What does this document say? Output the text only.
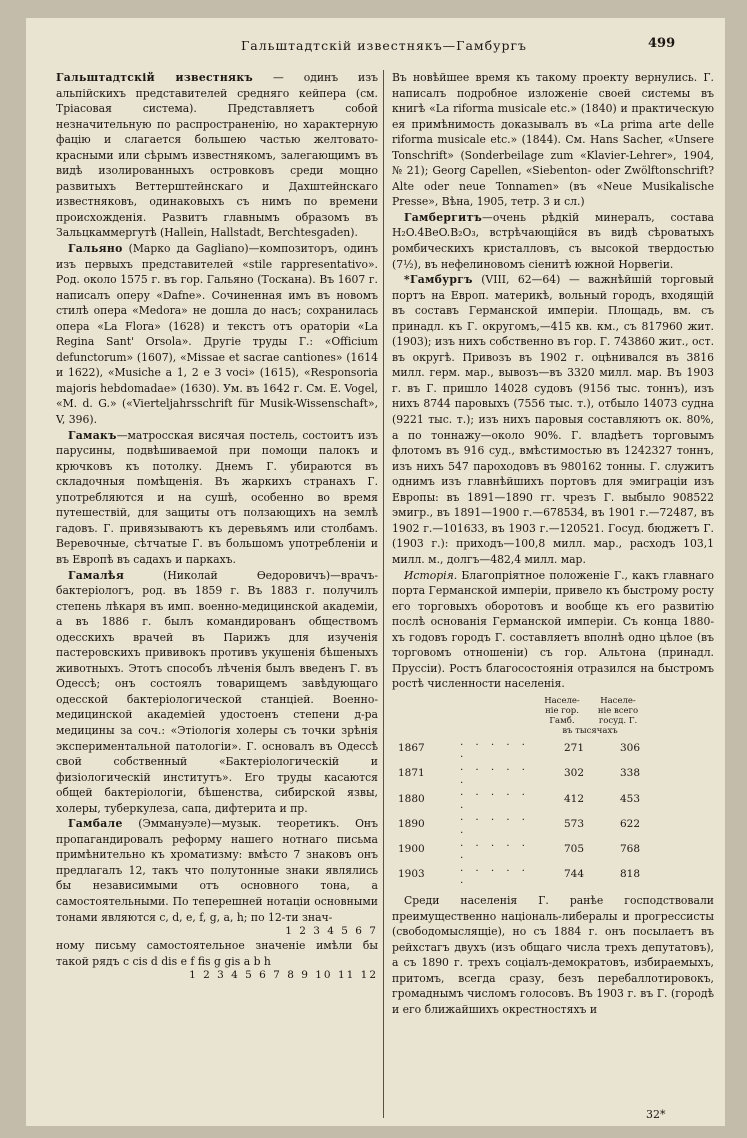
Гальштадтскій известнякъ—Гамбургъ	499

Гальштадтскій известнякъ — одинъ изъ альпійскихъ представителей средняго кейпера (см. Тріасовая система). Представляетъ собой незначительную по распространенію, но характерную фацію и слагается большею частью желтовато-красными или сѣрымъ известнякомъ, залегающимъ въ видѣ изолированныхъ островковъ среди мощно развитыхъ Веттерштейнскаго и Дахштейнскаго известняковъ, одинаковыхъ съ нимъ по времени происхожденія. Развитъ главнымъ образомъ въ Зальцкаммергутѣ (Hallein, Hallstadt, Berchtesgaden).

Гальяно (Марко да Gagliano)—композиторъ, одинъ изъ первыхъ представителей «stile rappresentativo». Род. около 1575 г. въ гор. Гальяно (Тоскана). Въ 1607 г. написалъ оперу «Dafne». Сочиненная имъ въ новомъ стилѣ опера «Medora» не дошла до насъ; сохранилась опера «La Flora» (1628) и текстъ отъ ораторіи «La Regina Sant' Orsola». Другіе труды Г.: «Officium defunctorum» (1607), «Missae et sacrae cantiones» (1614 и 1622), «Musiche a 1, 2 e 3 voci» (1615), «Responsoria majoris hebdomadae» (1630). Ум. въ 1642 г. См. E. Vogel, «M. d. G.» («Vierteljahrsschrift für Musik-Wissenschaft», V, 396).

Гамакъ—матросская висячая постель, состоитъ изъ парусины, подвѣшиваемой при помощи палокъ и крючковъ къ потолку. Днемъ Г. убираются въ складочныя помѣщенія. Въ жаркихъ странахъ Г. употребляются и на сушѣ, особенно во время путешествій, для защиты отъ ползающихъ на землѣ гадовъ. Г. привязываютъ къ деревьямъ или столбамъ. Веревочные, сѣтчатые Г. въ большомъ употребленіи и въ Европѣ въ садахъ и паркахъ.

Гамалѣя (Николай Ѳедоровичъ)—врачъ-бактеріологъ, род. въ 1859 г. Въ 1883 г. получилъ степень лѣкаря въ имп. военно-медицинской академіи, а въ 1886 г. былъ командированъ обществомъ одесскихъ врачей въ Парижъ для изученія пастеровскихъ прививокъ противъ укушенія бѣшеныхъ животныхъ. Этотъ способъ лѣченія былъ введенъ Г. въ Одессѣ; онъ состоялъ товарищемъ завѣдующаго одесской бактеріологической станціей. Военно-медицинской академіей удостоенъ степени д-ра медицины за соч.: «Этіологія холеры съ точки зрѣнія экспериментальной патологіи». Г. основалъ въ Одессѣ свой собственный «Бактеріологическій и физіологическій институтъ». Его труды касаются общей бактеріологіи, бѣшенства, сибирской язвы, холеры, туберкулеза, сапа, дифтерита и пр.

Гамбале (Эммануэле)—музык. теоретикъ. Онъ пропагандировалъ реформу нашего нотнаго письма примѣнительно къ хроматизму: вмѣсто 7 знаковъ онъ предлагалъ 12, такъ что полутонные знаки являлись бы независимыми отъ основного тона, а самостоятельными. По теперешней нотаціи основными тонами являются c, d, e, f, g, a, h; по 12-ти знач-

1 2 3 4 5 6 7

ному письму самостоятельное значеніе имѣли бы такой рядъ c cis d dis e f fis g gis a b h

1 2 3 4 5 6 7 8 9 10 11 12

Въ новѣйшее время къ такому проекту вернулись. Г. написалъ подробное изложеніе своей системы въ книгѣ «La riforma musicale etc.» (1840) и практическую ея примѣнимость доказывалъ въ «La prima arte delle riforma musicale etc.» (1844). См. Hans Sacher, «Unsere Tonschrift» (Sonderbeilage zum «Klavier-Lehrer», 1904, № 21); Georg Capellen, «Siebenton- oder Zwölftonschrift? Alte oder neue Tonnamen» (въ «Neue Musikalische Presse», Вѣна, 1905, тетр. 3 и сл.)

Гамбергитъ—очень рѣдкій минералъ, состава H₂O.4BeO.B₂O₃, встрѣчающійся въ видѣ сѣроватыхъ ромбическихъ кристалловъ, съ высокой твердостью (7½), въ нефелиновомъ сіенитѣ южной Норвегіи.

*Гамбургъ (VIII, 62—64) — важнѣйшій торговый портъ на Европ. материкѣ, вольный городъ, входящій въ составъ Германской имперіи. Площадь, вм. съ принадл. къ Г. округомъ,—415 кв. км., съ 817960 жит. (1903); изъ нихъ собственно въ гор. Г. 743860 жит., ост. въ округѣ. Привозъ въ 1902 г. оцѣнивался въ 3816 милл. герм. мар., вывозъ—въ 3320 милл. мар. Въ 1903 г. въ Г. пришло 14028 судовъ (9156 тыс. тоннъ), изъ нихъ 8744 паровыхъ (7556 тыс. т.), отбыло 14073 судна (9221 тыс. т.); изъ нихъ паровыя составляютъ ок. 80%, а по тоннажу—около 90%. Г. владѣетъ торговымъ флотомъ въ 916 суд., вмѣстимостью въ 1242327 тоннъ, изъ нихъ 547 пароходовъ въ 980162 тонны. Г. служитъ однимъ изъ главнѣйшихъ портовъ для эмиграціи изъ Европы: въ 1891—1890 гг. чрезъ Г. выбыло 908522 эмигр., въ 1891—1900 г.—678534, въ 1901 г.—72487, въ 1902 г.—101633, въ 1903 г.—120521. Госуд. бюджетъ Г. (1903 г.): приходъ—100,8 милл. мар., расходъ 103,1 милл. м., долгъ—482,4 милл. мар.

Исторія. Благопріятное положеніе Г., какъ главнаго порта Германской имперіи, привело къ быстрому росту его торговыхъ оборотовъ и вообще къ его развитію послѣ основанія Германской имперіи. Съ конца 1880-хъ годовъ городъ Г. составляетъ вполнѣ одно цѣлое (въ торговомъ отношеніи) съ гор. Альтона (принадл. Пруссіи). Ростъ благосостоянія отразился на быстромъ ростѣ численности населенія.

		Населе-ніе гор. Гамб.	Населе-ніе всего госуд. Г.
		въ тысячахъ	
1867	. . . . . .	271	306
1871	. . . . . .	302	338
1880	. . . . . .	412	453
1890	. . . . . .	573	622
1900	. . . . . .	705	768
1903	. . . . . .	744	818

Среди населенія Г. ранѣе господствовали преимущественно національ-либералы и прогрессисты (свободомыслящіе), но съ 1884 г. онъ посылаетъ въ рейхстагъ двухъ (изъ общаго числа трехъ депутатовъ), а съ 1890 г. трехъ соціалъ-демократовъ, избираемыхъ, притомъ, всегда сразу, безъ перебаллотировокъ, громаднымъ числомъ голосовъ. Въ 1903 г. въ Г. (городѣ и его ближайшихъ окрестностяхъ и

32*
